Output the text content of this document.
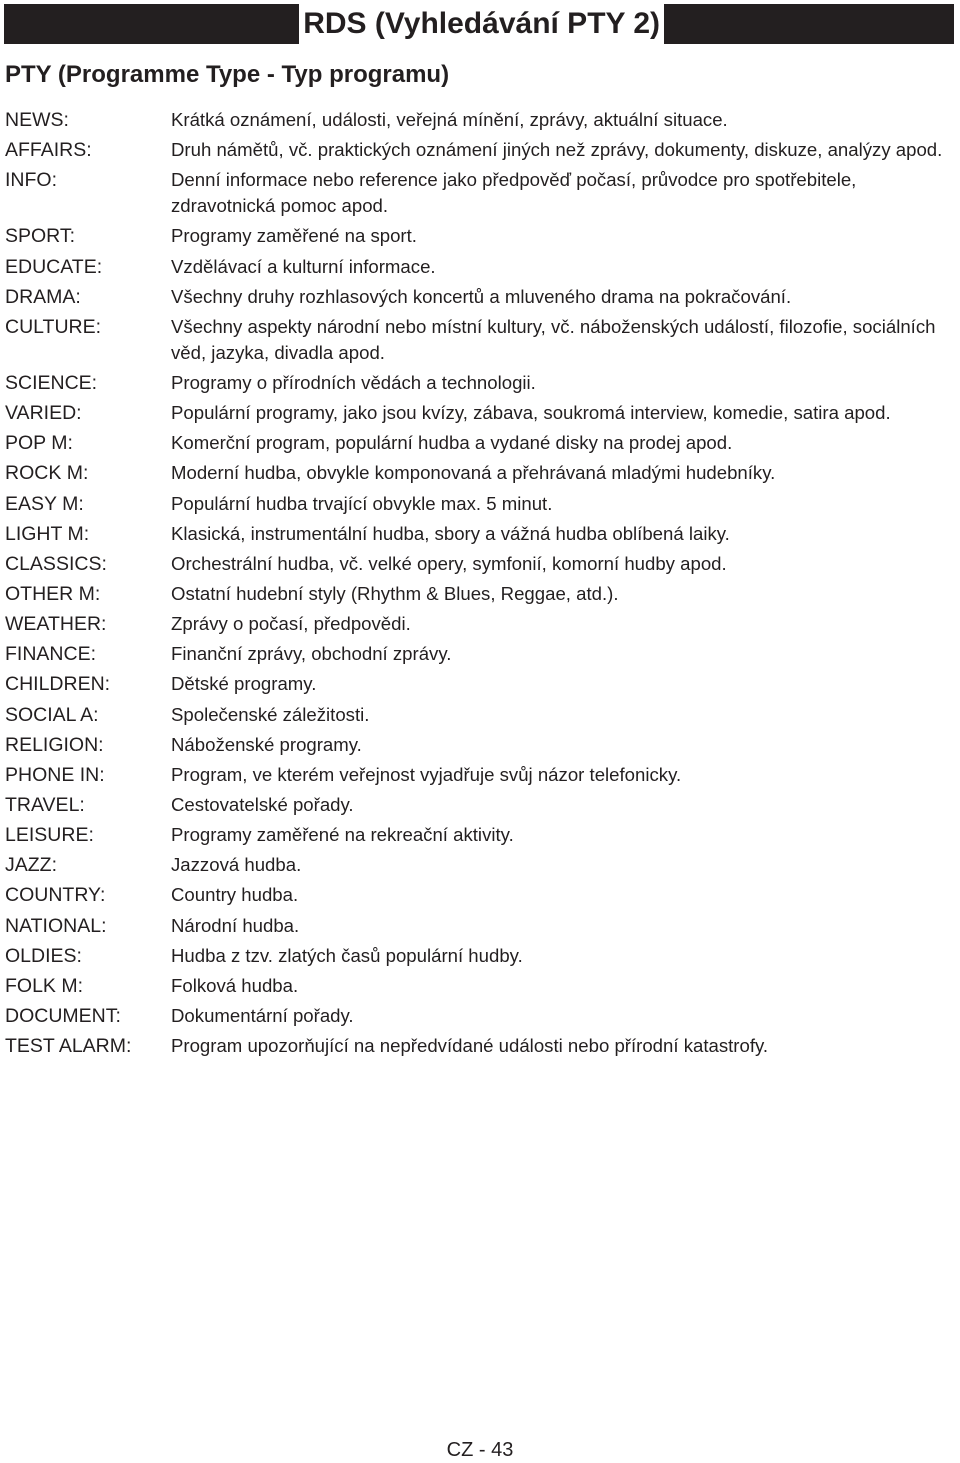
RDS (Vyhledávání PTY 2)
PTY (Programme Type - Typ programu)
NEWS:	Krátká oznámení, události, veřejná mínění, zprávy, aktuální situace.
AFFAIRS:	Druh námětů, vč. praktických oznámení jiných než zprávy, dokumenty, diskuze, analýzy apod.
INFO:	Denní informace nebo reference jako předpověď počasí, průvodce pro spotřebitele, zdravotnická pomoc apod.
SPORT:	Programy zaměřené na sport.
EDUCATE:	Vzdělávací a kulturní informace.
DRAMA:	Všechny druhy rozhlasových koncertů a mluveného drama na pokračování.
CULTURE:	Všechny aspekty národní nebo místní kultury, vč. náboženských událostí, filozofie, sociálních věd, jazyka, divadla apod.
SCIENCE:	Programy o přírodních vědách a technologii.
VARIED:	Populární programy, jako jsou kvízy, zábava, soukromá interview, komedie, satira apod.
POP M:	Komerční program, populární hudba a vydané disky na prodej apod.
ROCK M:	Moderní hudba, obvykle komponovaná a přehrávaná mladými hudebníky.
EASY M:	Populární hudba trvající obvykle max. 5 minut.
LIGHT M:	Klasická, instrumentální hudba, sbory a vážná hudba oblíbená laiky.
CLASSICS:	Orchestrální hudba, vč. velké opery, symfonií, komorní hudby apod.
OTHER M:	Ostatní hudební styly (Rhythm & Blues, Reggae, atd.).
WEATHER:	Zprávy o počasí, předpovědi.
FINANCE:	Finanční zprávy, obchodní zprávy.
CHILDREN:	Dětské programy.
SOCIAL A:	Společenské záležitosti.
RELIGION:	Náboženské programy.
PHONE IN:	Program, ve kterém veřejnost vyjadřuje svůj názor telefonicky.
TRAVEL:	Cestovatelské pořady.
LEISURE:	Programy zaměřené na rekreační aktivity.
JAZZ:	Jazzová hudba.
COUNTRY:	Country hudba.
NATIONAL:	Národní hudba.
OLDIES:	Hudba z tzv. zlatých časů populární hudby.
FOLK M:	Folková hudba.
DOCUMENT:	Dokumentární pořady.
TEST ALARM:	Program upozorňující na nepředvídané události nebo přírodní katastrofy.
CZ - 43
